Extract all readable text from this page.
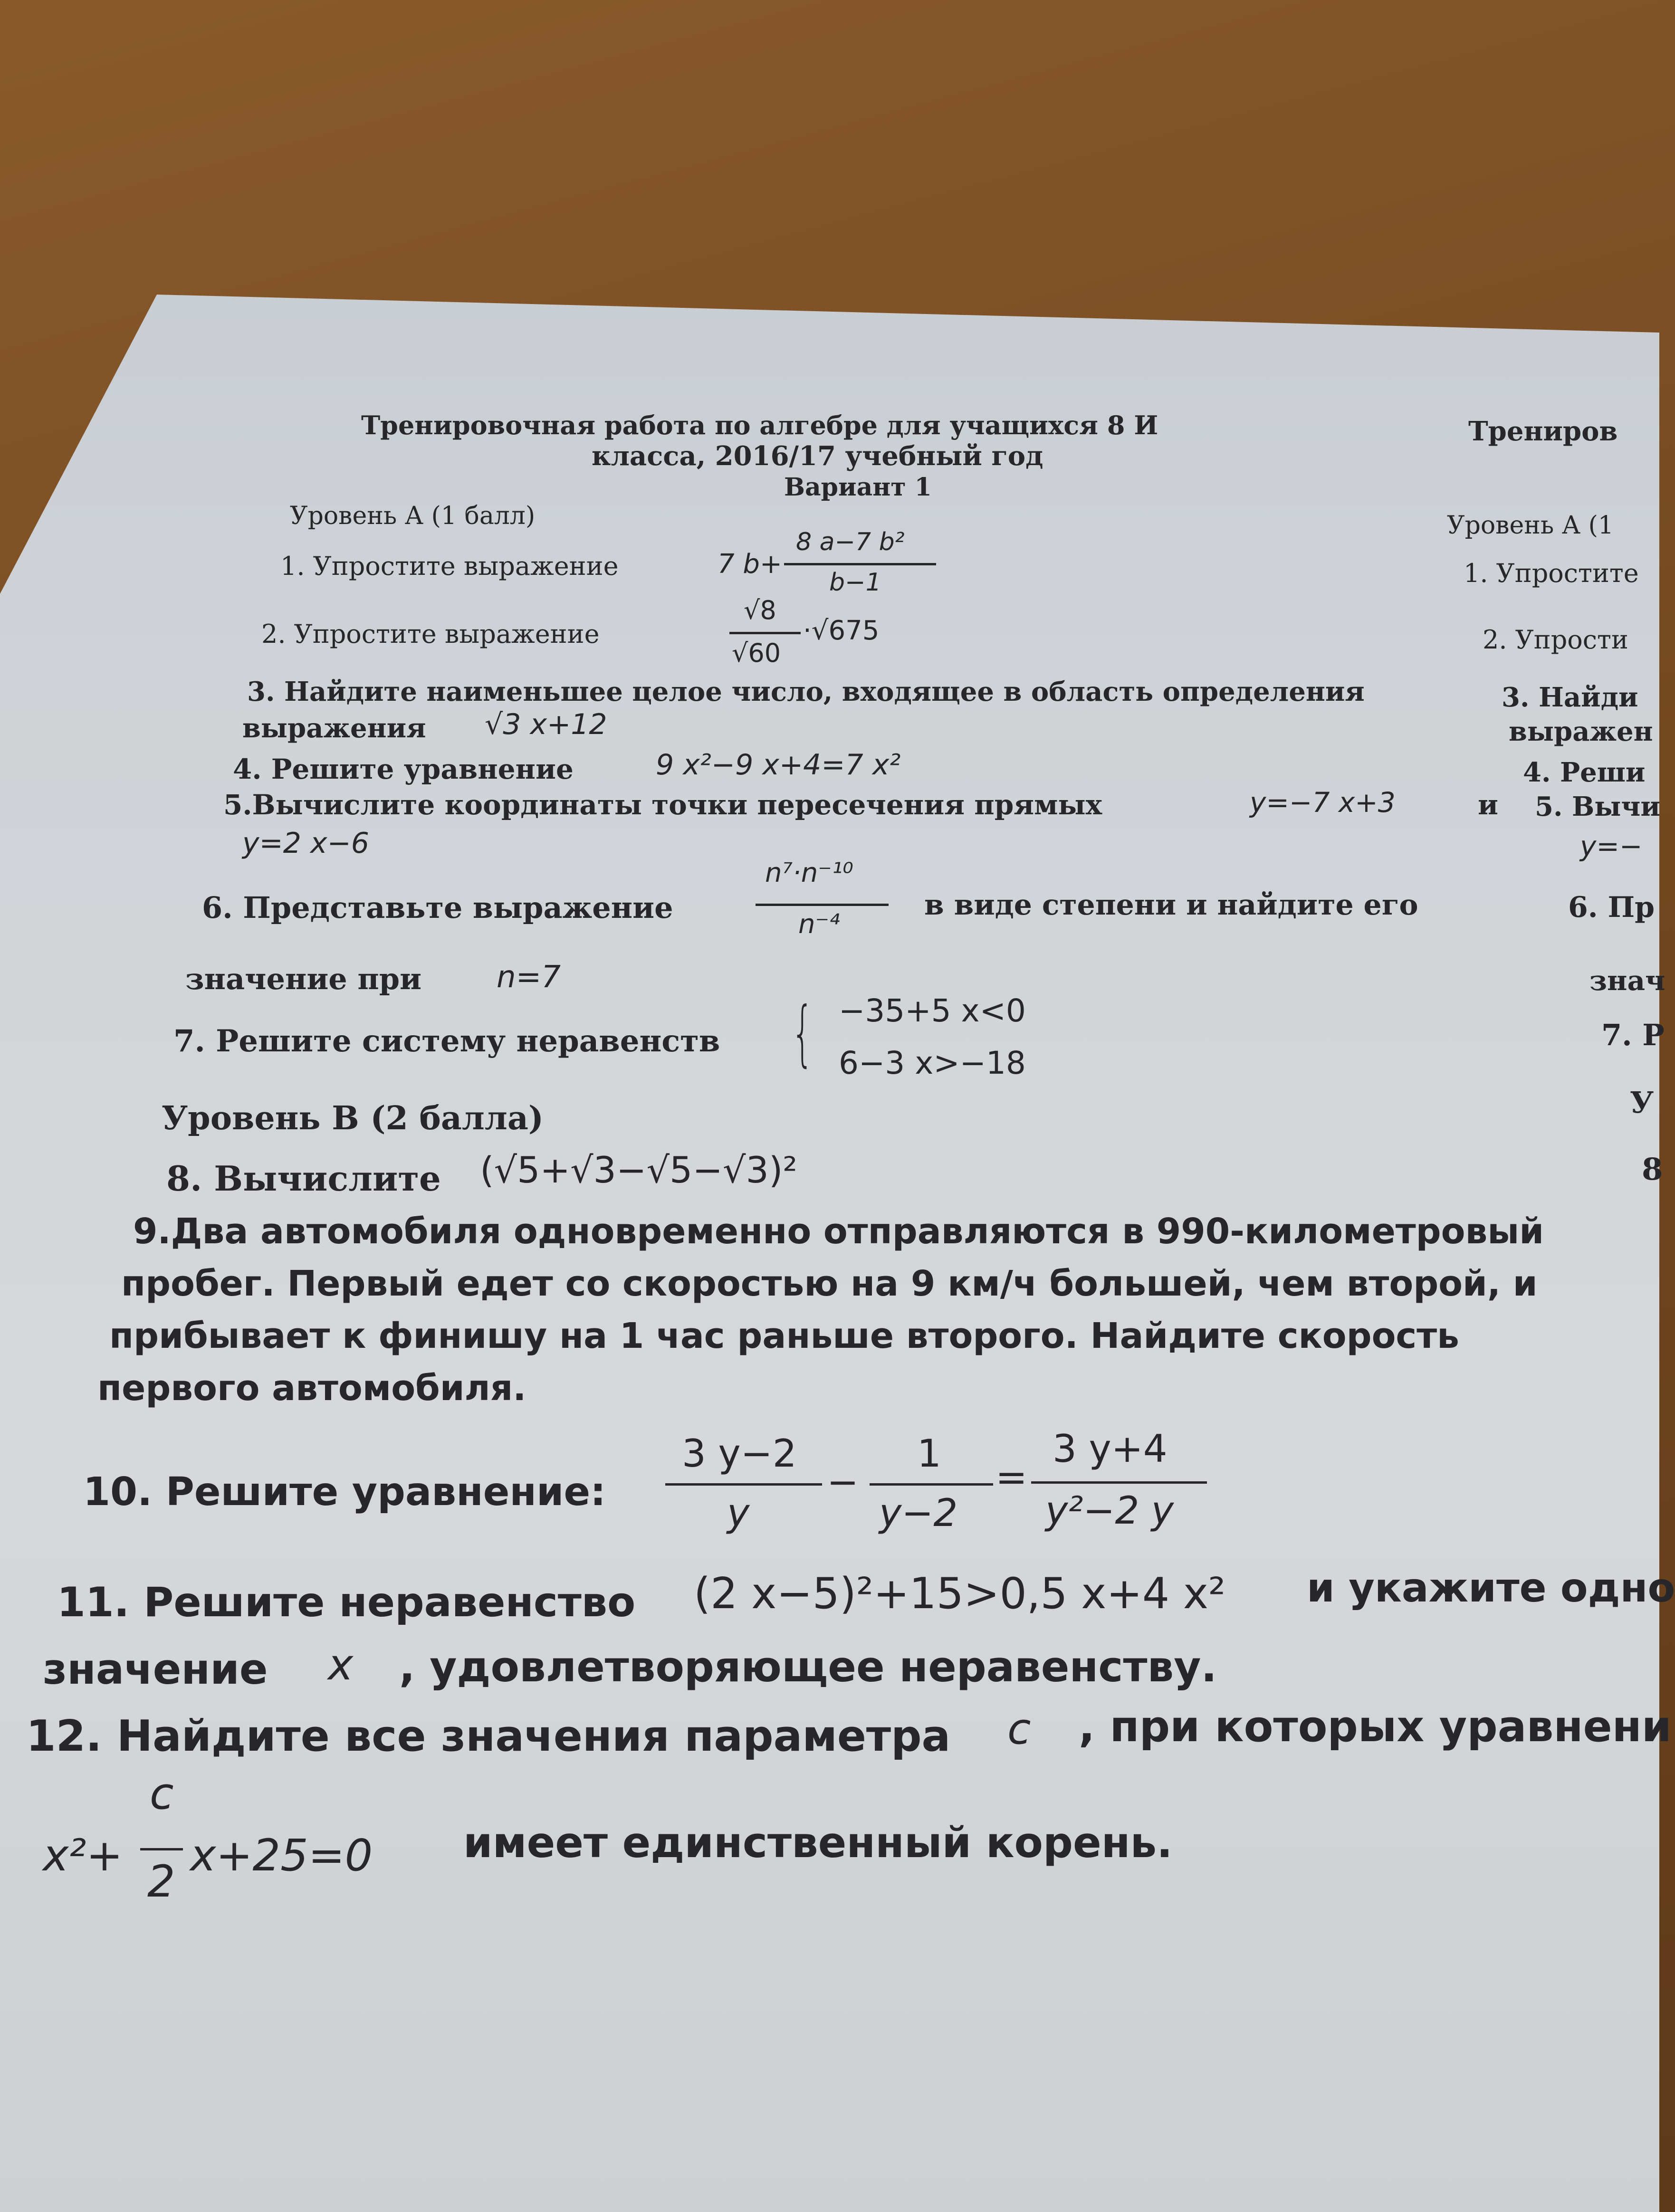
Тренировочная работа по алгебре для учащихся 8 И
класса, 2016/17 учебный год
Вариант 1
Трениров
Уровень А (1 балл)	Уровень А (1
1. Упростите выражение	7 b+
8 a−7 b²
b−1	1. Упростите
2. Упростите выражение
√8
√60
·√675	2. Упрости
3. Найдите наименьшее целое число, входящее в область определения	3. Найди
выражения √3 x+12	выражен
4. Решите уравнение	9 x²−9 x+4=7 x²	4. Реши
5.Вычислите координаты точки пересечения прямых	y=−7 x+3	и 5. Вычи
y=2 x−6	y=−
6. Представьте выражение
n⁷·n⁻¹⁰
n⁻⁴
в виде степени и найдите его	6. Пр
значение при n=7	знач
7. Решите систему неравенств { −35+5 x<0
6−3 x>−18
7. Р
Уровень В (2 балла)	У
8. Вычислите (√5+√3−√5−√3)²	8
9.Два автомобиля одновременно отправляются в 990-километровый
пробег. Первый едет со скоростью на 9 км/ч большей, чем второй, и
прибывает к финишу на 1 час раньше второго. Найдите скорость
первого автомобиля.
10. Решите уравнение:
3 y−2
y
−
1
y−2
=
3 y+4
y²−2 y
11. Решите неравенство (2 x−5)²+15>0,5 x+4 x² и укажите одно
значение x , удовлетворяющее неравенству.
12. Найдите все значения параметра c , при которых уравнени
x²+
c
2
x+25=0 имеет единственный корень.
